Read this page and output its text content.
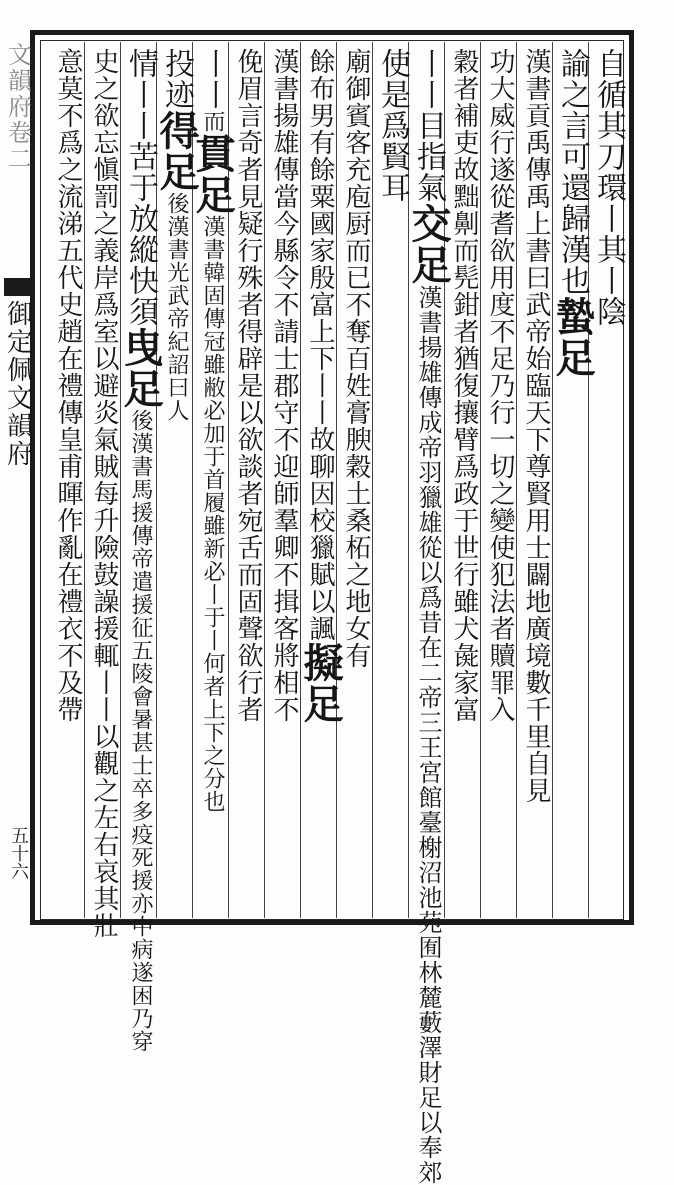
文韻府卷二
御定佩文韻府
五十六
自循其刀環丨其丨陰
諭之言可還歸漢也蟄足
漢書貢禹傳禹上書曰武帝始臨天下尊賢用士闢地廣境數千里自見
功大威行遂從耆欲用度不足乃行一切之變使犯法者贖罪入
穀者補吏故黜劓而髡鉗者猶復攘臂爲政于世行雖犬彘家富
丨丨目指氣交足漢書揚雄傳成帝羽獵雄從以爲昔在二帝三王宮館臺榭沼池苑囿林麓藪澤財足以奉郊
使是爲賢耳
廟御賓客充庖厨而已不奪百姓膏腴穀土桑柘之地女有
餘布男有餘粟國家殷富上下丨丨故聊因校獵賦以諷擬足
漢書揚雄傳當今縣令不請士郡守不迎師羣卿不揖客將相不
俛眉言奇者見疑行殊者得辟是以欲談者宛舌而固聲欲行者
丨丨而貫足漢書韓固傳冠雖敝必加于首履雖新必丨于丨何者上下之分也
投迹得足後漢書光武帝紀詔曰人
情丨丨苦于放縱快須曳足後漢書馬援傳帝遣援征五陵會暑甚士卒多疫死援亦中病遂困乃穿
史之欲忘愼罰之義岸爲室以避炎氣賊每升險鼓譟援輒丨丨以觀之左右哀其壯
意莫不爲之流涕五代史趙在禮傳皇甫暉作亂在禮衣不及帶
